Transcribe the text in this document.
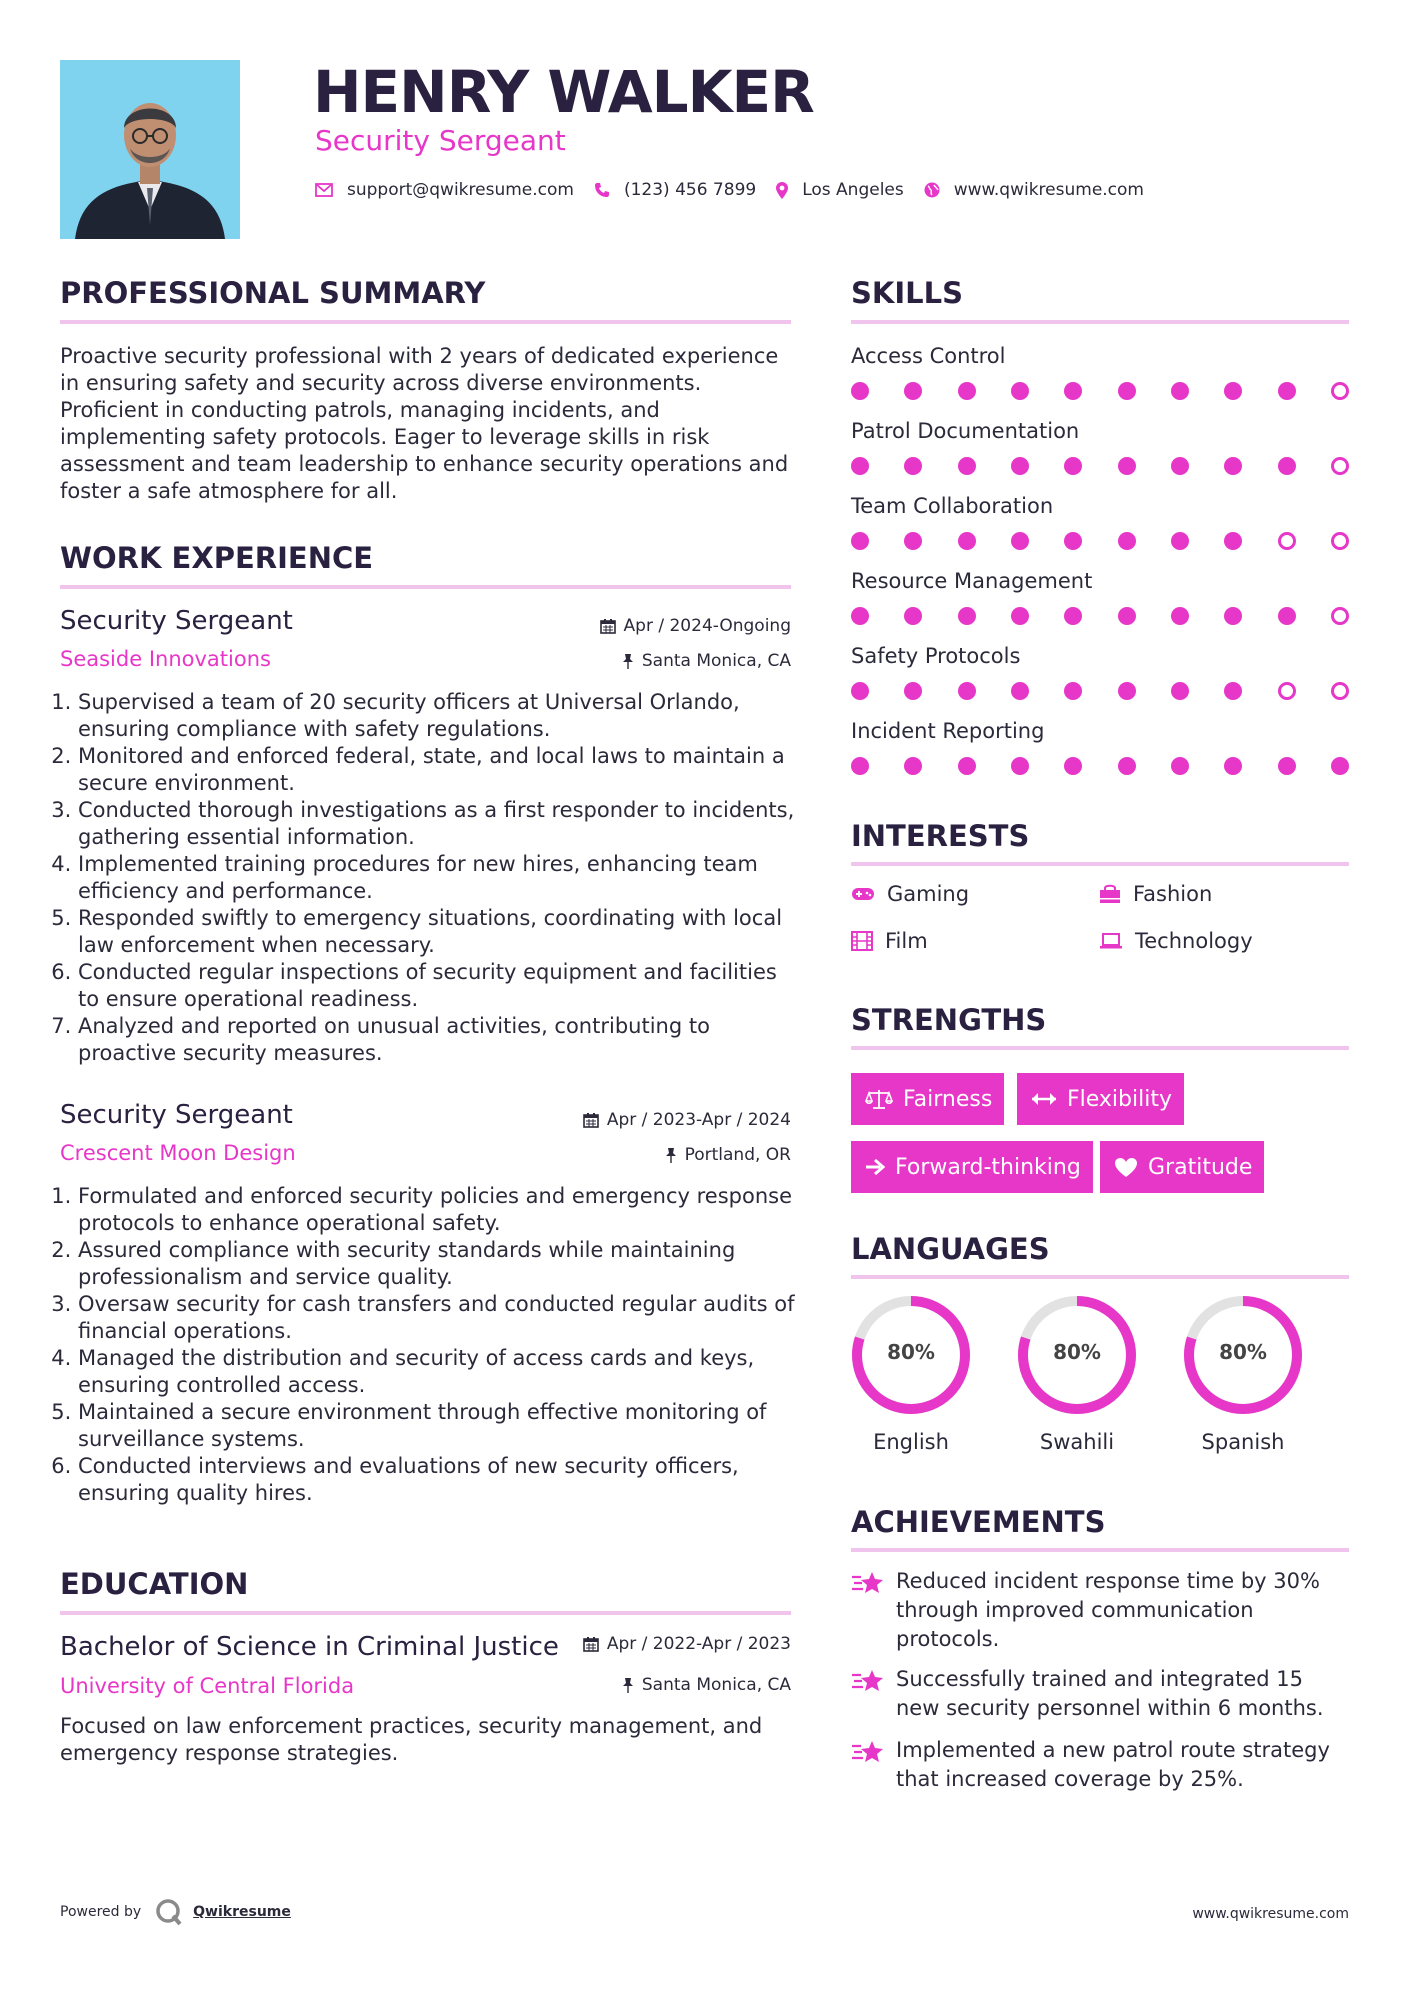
HENRY WALKER
Security Sergeant
support@qwikresume.com	(123) 456 7899	Los Angeles	www.qwikresume.com
PROFESSIONAL SUMMARY
Proactive security professional with 2 years of dedicated experience in ensuring safety and security across diverse environments. Proficient in conducting patrols, managing incidents, and implementing safety protocols. Eager to leverage skills in risk assessment and team leadership to enhance security operations and foster a safe atmosphere for all.
WORK EXPERIENCE
Security Sergeant
Seaside Innovations
Apr / 2024-Ongoing
Santa Monica, CA
1. Supervised a team of 20 security officers at Universal Orlando, ensuring compliance with safety regulations.
2. Monitored and enforced federal, state, and local laws to maintain a secure environment.
3. Conducted thorough investigations as a first responder to incidents, gathering essential information.
4. Implemented training procedures for new hires, enhancing team efficiency and performance.
5. Responded swiftly to emergency situations, coordinating with local law enforcement when necessary.
6. Conducted regular inspections of security equipment and facilities to ensure operational readiness.
7. Analyzed and reported on unusual activities, contributing to proactive security measures.
Security Sergeant
Crescent Moon Design
Apr / 2023-Apr / 2024
Portland, OR
1. Formulated and enforced security policies and emergency response protocols to enhance operational safety.
2. Assured compliance with security standards while maintaining professionalism and service quality.
3. Oversaw security for cash transfers and conducted regular audits of financial operations.
4. Managed the distribution and security of access cards and keys, ensuring controlled access.
5. Maintained a secure environment through effective monitoring of surveillance systems.
6. Conducted interviews and evaluations of new security officers, ensuring quality hires.
EDUCATION
Bachelor of Science in Criminal Justice
University of Central Florida
Apr / 2022-Apr / 2023
Santa Monica, CA
Focused on law enforcement practices, security management, and emergency response strategies.
SKILLS
Access Control
Patrol Documentation
Team Collaboration
Resource Management
Safety Protocols
Incident Reporting
INTERESTS
Gaming	Fashion
Film	Technology
STRENGTHS
Fairness	Flexibility
Forward-thinking	Gratitude
LANGUAGES
80%
English
80%
Swahili
80%
Spanish
ACHIEVEMENTS
Reduced incident response time by 30% through improved communication protocols.
Successfully trained and integrated 15 new security personnel within 6 months.
Implemented a new patrol route strategy that increased coverage by 25%.
Powered by	Qwikresume	www.qwikresume.com
